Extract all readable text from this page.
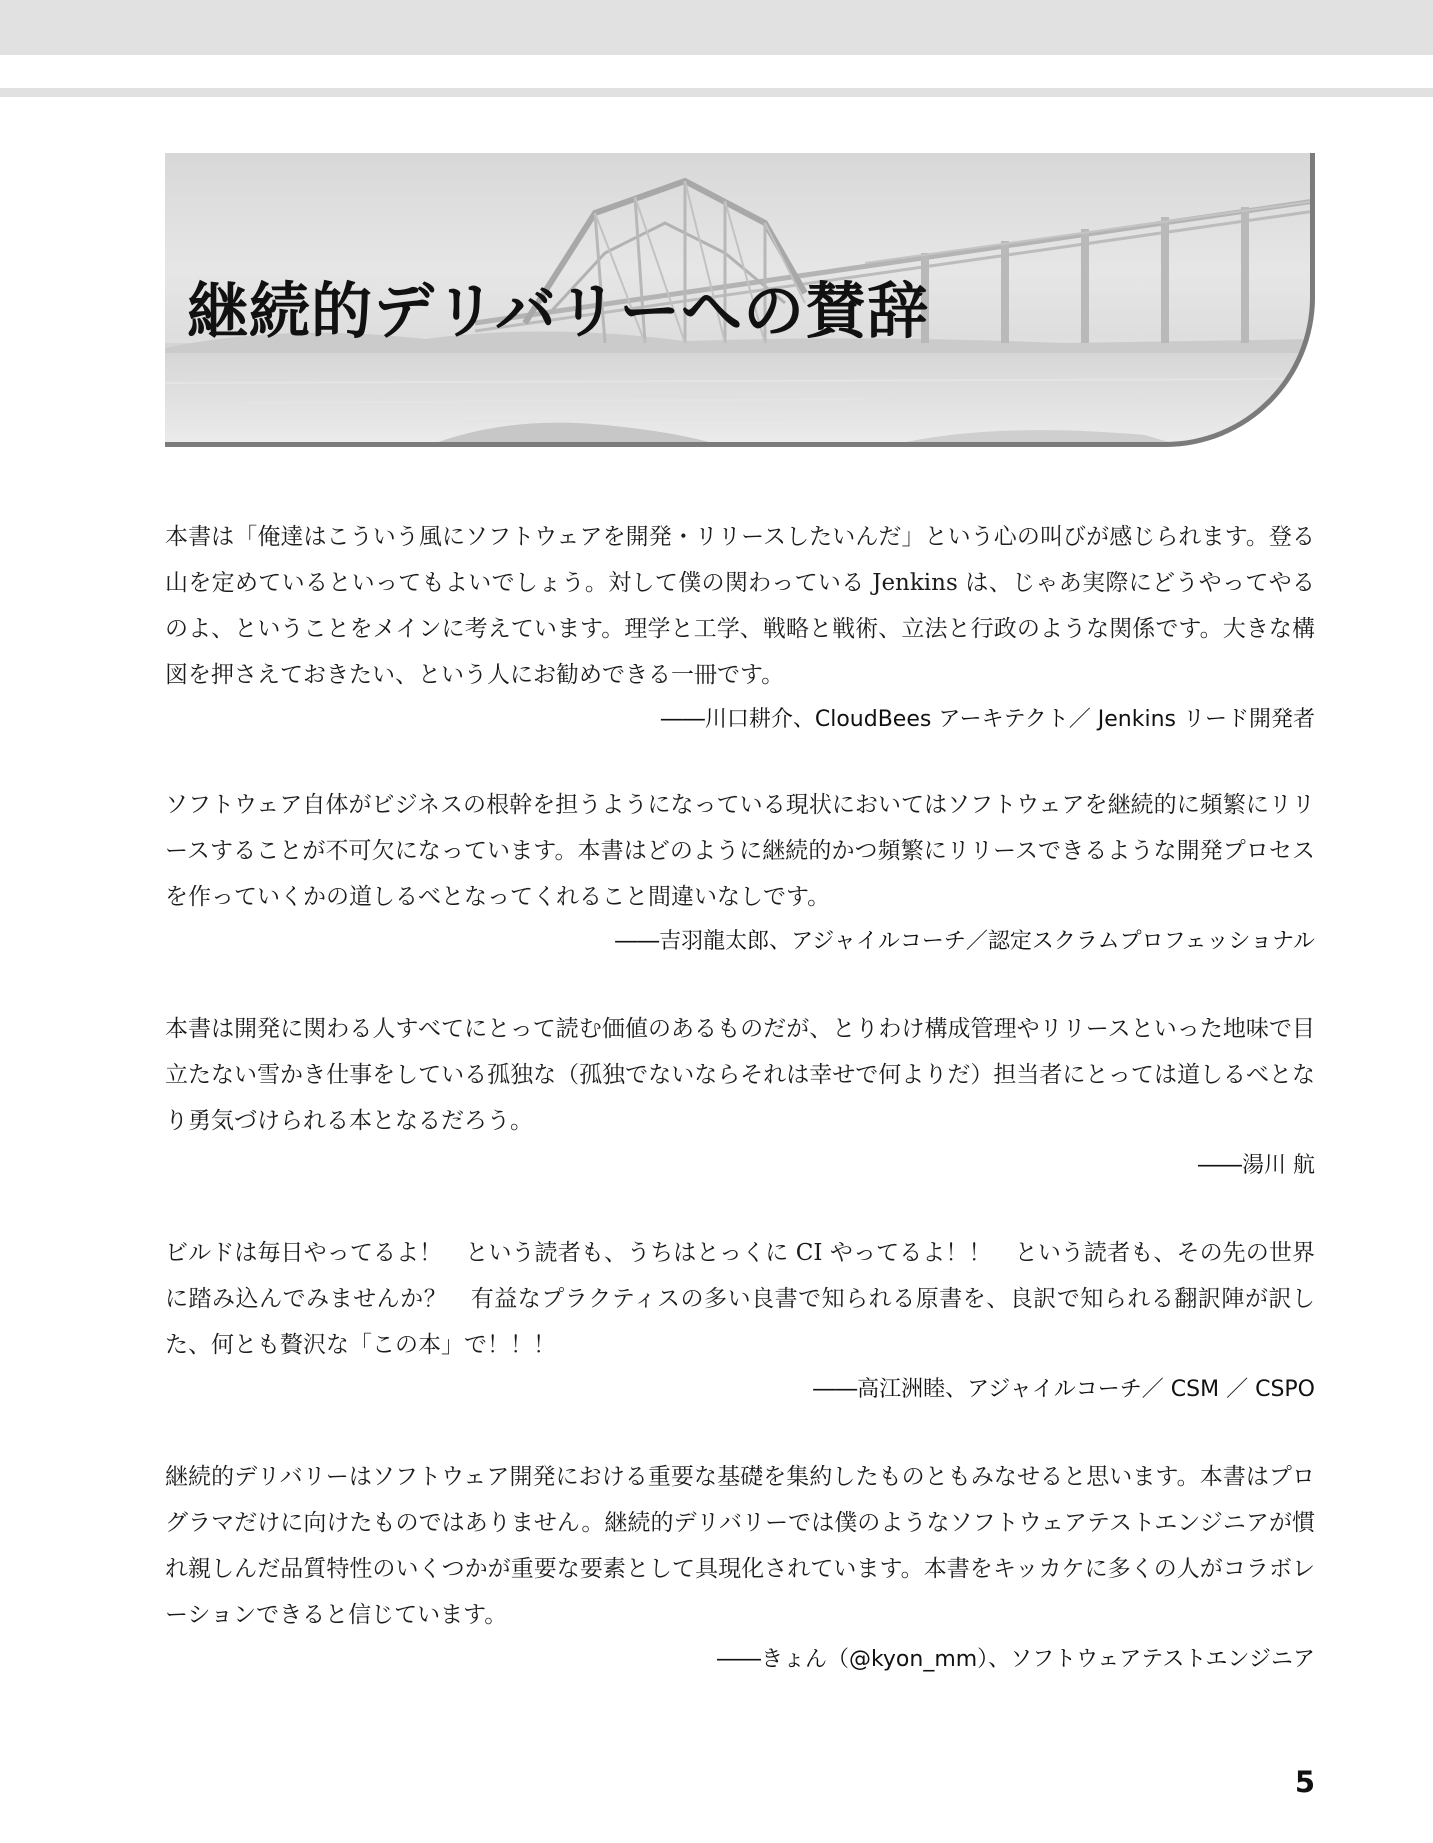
継続的デリバリーへの賛辞

本書は「俺達はこういう風にソフトウェアを開発・リリースしたいんだ」という心の叫びが感じられます。登る山を定めているといってもよいでしょう。対して僕の関わっている Jenkins は、じゃあ実際にどうやってやるのよ、ということをメインに考えています。理学と工学、戦略と戦術、立法と行政のような関係です。大きな構図を押さえておきたい、という人にお勧めできる一冊です。

――川口耕介、CloudBees アーキテクト／ Jenkins リード開発者

ソフトウェア自体がビジネスの根幹を担うようになっている現状においてはソフトウェアを継続的に頻繁にリリースすることが不可欠になっています。本書はどのように継続的かつ頻繁にリリースできるような開発プロセスを作っていくかの道しるべとなってくれること間違いなしです。

――吉羽龍太郎、アジャイルコーチ／認定スクラムプロフェッショナル

本書は開発に関わる人すべてにとって読む価値のあるものだが、とりわけ構成管理やリリースといった地味で目立たない雪かき仕事をしている孤独な（孤独でないならそれは幸せで何よりだ）担当者にとっては道しるべとなり勇気づけられる本となるだろう。

――湯川 航

ビルドは毎日やってるよ！　という読者も、うちはとっくに CI やってるよ！！　という読者も、その先の世界に踏み込んでみませんか？　有益なプラクティスの多い良書で知られる原書を、良訳で知られる翻訳陣が訳した、何とも贅沢な「この本」で！！！

――高江洲睦、アジャイルコーチ／ CSM ／ CSPO

継続的デリバリーはソフトウェア開発における重要な基礎を集約したものともみなせると思います。本書はプログラマだけに向けたものではありません。継続的デリバリーでは僕のようなソフトウェアテストエンジニアが慣れ親しんだ品質特性のいくつかが重要な要素として具現化されています。本書をキッカケに多くの人がコラボレーションできると信じています。

――きょん（@kyon_mm）、ソフトウェアテストエンジニア

5
